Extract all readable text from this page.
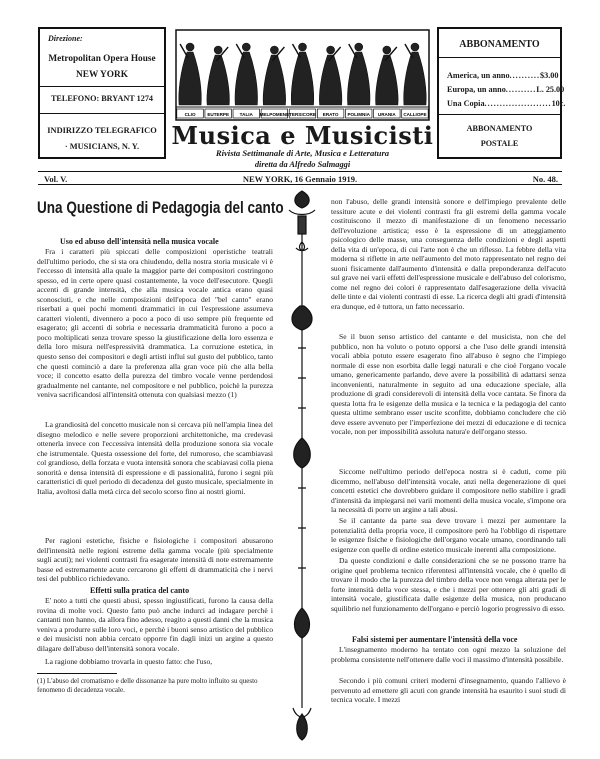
Direzione:
Metropolitan Opera House
NEW YORK
TELEFONO: BRYANT 1274
INDIRIZZO TELEGRAFICO
· MUSICIANS, N. Y.
ABBONAMENTO
America, un anno .......... $3.00
Europa, un anno .......... L. 25.00
Una Copia ...................... 10c.
ABBONAMENTO
POSTALE
CLIO	EUTERPE TALIA MELPOMENE TERSICORE ERATO POLIMNIA URANIA CALLIOPE
Musica e Musicisti
Rivista Settimanale di Arte, Musica e Letteratura
diretta da Alfredo Salmaggi
Vol. V.	NEW YORK, 16 Gennaio 1919.	No. 48.
Una Questione di Pedagogia del canto
Uso ed abuso dell'intensità nella musica vocale

Fra i caratteri più spiccati delle composizioni operistiche teatrali dell'ultimo periodo, che si sta ora chiudendo, della nostra storia musicale vi è l'eccesso di intensità alla quale la maggior parte dei compositori costringono spesso, ed in certe opere quasi costantemente, la voce dell'esecutore. Quegli accenti di grande intensità, che alla musica vocale antica erano quasi sconosciuti, e che nelle composizioni dell'epoca del "bel canto" erano riserbati a quei pochi momenti drammatici in cui l'espressione assumeva caratteri violenti, divennero a poco a poco di uso sempre più frequente ed esagerato; gli accenti di sobria e necessaria drammaticità furono a poco a poco moltiplicati senza trovare spesso la giustificazione della loro essenza e della loro misura nell'espressività drammatica. La corruzione estetica, in questo senso dei compositori e degli artisti influì sul gusto del pubblico, tanto che questi cominciò a dare la preferenza alla gran voce più che alla bella voce; il concetto esatto della purezza del timbro vocale venne perdendosi gradualmente nel cantante, nel compositore e nel pubblico, poichè la purezza veniva sacrificandosi all'intensità ottenuta con qualsiasi mezzo (1)

La grandiosità del concetto musicale non si cercava più nell'ampia linea del disegno melodico e nelle severe proporzioni architettoniche, ma credevasi ottenerla invece con l'eccessiva intensità della produzione sonora sia vocale che istrumentale. Questa ossessione del forte, del rumoroso, che scambiavasi col grandioso, della forzata e vuota intensità sonora che scabiavasi colla piena sonorità e densa intensità di espressione e di passionalità, furono i segni più caratteristici di quel periodo di decadenza del gusto musicale, specialmente in Italia, avoltosi dalla metà circa del secolo scorso fino ai nostri giorni.

Per ragioni estetiche, fisiche e fisiologiche i compositori abusarono dell'intensità nelle regioni estreme della gamma vocale (più specialmente sugli acuti); nei violenti contrasti fra esagerate intensità di note estremamente basse ed estremamente acute cercarono gli effetti di drammaticità che i nervi tesi del pubblico richiedevano.

Effetti sulla pratica del canto

E' noto a tutti che questi abusi, spesso ingiustificati, furono la causa della rovina di molte voci. Questo fatto può anche indurci ad indagare perchè i cantanti non hanno, da allora fino adesso, reagito a questi danni che la musica veniva a produrre sulle loro voci, e perchè i buoni senso artistico del pubblico e dei musicisti non abbia cercato opporre fin dagli inizi un argine a questo dilagare dell'abuso dell'intensità sonora vocale.

La ragione dobbiamo trovarla in questo fatto: che l'uso,

(1) L'abuso del cromatismo e delle dissonanze ha pure molto influito su questo fenomeno di decadenza vocale.

non l'abuso, delle grandi intensità sonore e dell'impiego prevalente delle tessiture acute e dei violenti contrasti fra gli estremi della gamma vocale costituiscono il mezzo di manifestazione di un fenomeno necessario dell'evoluzione artistica; esso è la espressione di un atteggiamento psicologico delle masse, una conseguenza delle condizioni e degli aspetti della vita di un'epoca, di cui l'arte non è che un riflesso. La febbre della vita moderna si riflette in arte nell'aumento del moto rappresentato nel regno dei suoni fisicamente dall'aumento d'intensità e dalla preponderanza dell'acuto sul grave nei varii effetti dell'espressione musicale e dell'abuso del colorismo, come nel regno dei colori è rappresentato dall'esagerazione della vivacità delle tinte e dai violenti contrasti di esse. La ricerca degli alti gradi d'intensità era dunque, ed è tuttora, un fatto necessario.

Se il buon senso artistico del cantante e del musicista, non che del pubblico, non ha voluto o potuto opporsi a che l'uso delle grandi intensità vocali abbia potuto essere esagerato fino all'abuso è segno che l'impiego normale di esse non esorbita dalle leggi naturali e che cioè l'organo vocale umano, genericamente parlando, deve avere la possibilità di adattarsi senza inconvenienti, naturalmente in seguito ad una educazione speciale, alla produzione di gradi considerevoli di intensità della voce cantata. Se finora da questa lotta fra le esigenze della musica e la tecnica e la pedagogia del canto questa ultime sembrano esser uscite sconfitte, dobbiamo concludere che ciò deve essere avvenuto per l'imperfezione dei mezzi di educazione e di tecnica vocale, non per impossibilità assoluta natura'e dell'organo stesso.

Siccome nell'ultimo periodo dell'epoca nostra si è caduti, come più dicemmo, nell'abuso dell'intensità vocale, anzi nella degenerazione di quei concetti estetici che dovrebbero guidare il compositore nello stabilire i gradi d'intensità da impiegarsi nei varii momenti della musica vocale, s'impone ora la necessità di porre un argine a tali abusi.

Se il cantante da parte sua deve trovare i mezzi per aumentare la potenzialità della propria voce, il compositore però ha l'obbligo di rispettare le esigenze fisiche e fisiologiche dell'organo vocale umano, coordinando tali esigenze con quelle di ordine estetico musicale inerenti alla composizione.

Da queste condizioni e dalle considerazioni che se ne possono trarre ha origine quel problema tecnico riferentesi all'intensità vocale, che è quello di trovare il modo che la purezza del timbro della voce non venga alterata per le forte intensità della voce stessa, e che i mezzi per ottenere gli alti gradi di intensità vocale, giustificata dalle esigenze della musica, non producano squilibrio nel funzionamento dell'organo e perciò logorio progressivo di esso.

Falsi sistemi per aumentare l'intensità della voce

L'insegnamento moderno ha tentato con ogni mezzo la soluzione del problema consistente nell'ottenere dalle voci il massimo d'intensità possibile.

Secondo i più comuni criteri moderni d'insegnamento, quando l'allievo è pervenuto ad emettere gli acuti con grande intensità ha esaurito i suoi studi di tecnica vocale. I mezzi
